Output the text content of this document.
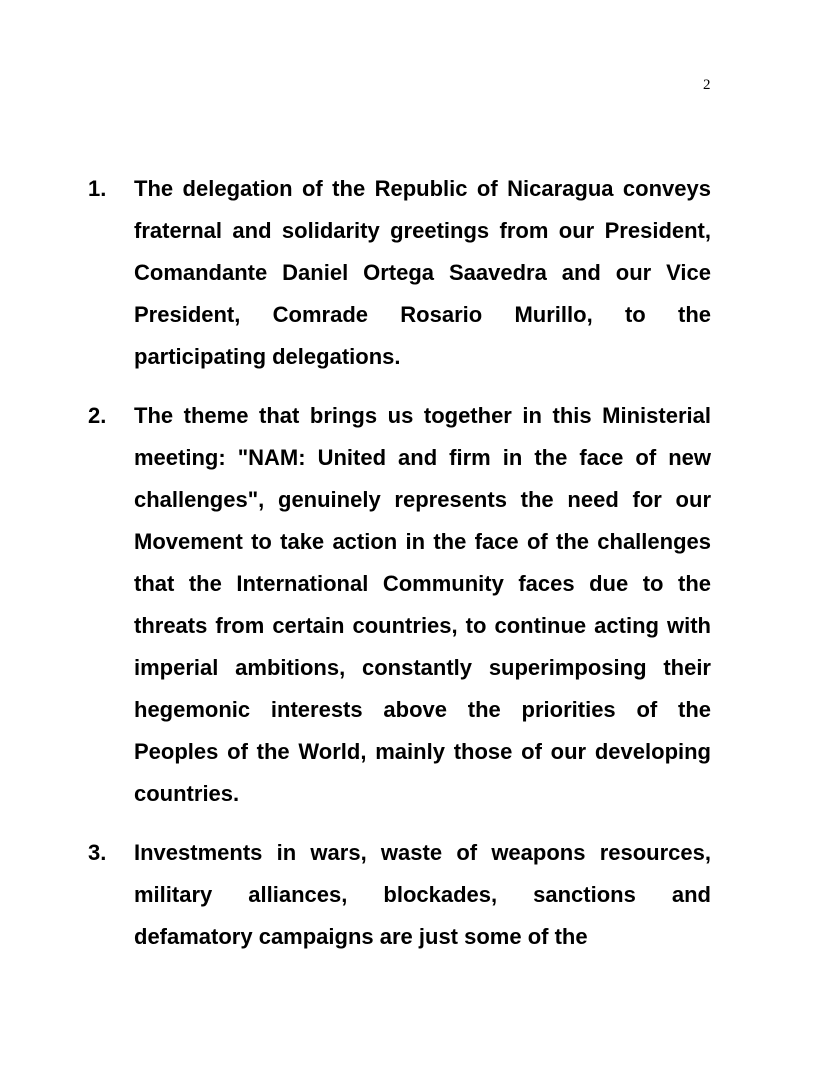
2
1. The delegation of the Republic of Nicaragua conveys fraternal and solidarity greetings from our President, Comandante Daniel Ortega Saavedra and our Vice President, Comrade Rosario Murillo, to the participating delegations.
2. The theme that brings us together in this Ministerial meeting: "NAM: United and firm in the face of new challenges", genuinely represents the need for our Movement to take action in the face of the challenges that the International Community faces due to the threats from certain countries, to continue acting with imperial ambitions, constantly superimposing their hegemonic interests above the priorities of the Peoples of the World, mainly those of our developing countries.
3. Investments in wars, waste of weapons resources, military alliances, blockades, sanctions and defamatory campaigns are just some of the
